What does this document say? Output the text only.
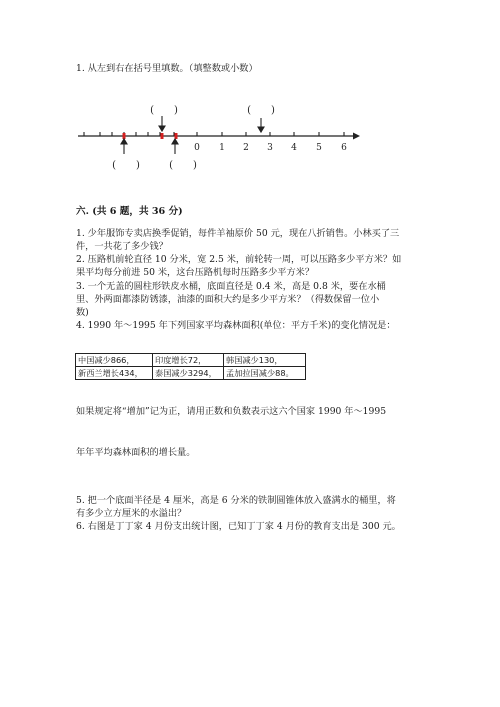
1. 从左到右在括号里填数。（填整数或小数）
0 1 2 3 4 5 6
(　　)	(　　)
(　　)	(　　)
六. (共 6 题，共 36 分)
1. 少年服饰专卖店换季促销，每件羊袖原价 50 元，现在八折销售。小林买了三
件，一共花了多少钱？
2. 压路机前轮直径 10 分米，宽 2.5 米，前轮转一周，可以压路多少平方米？如
果平均每分前进 50 米，这台压路机每时压路多少平方米？
3. 一个无盖的圆柱形铁皮水桶，底面直径是 0.4 米，高是 0.8 米，要在水桶
里、外两面都漆防锈漆，油漆的面积大约是多少平方米？（得数保留一位小
数)
4. 1990 年～1995 年下列国家平均森林面积(单位：平方千米)的变化情况是：
中国减少866，	印度增长72，	韩国减少130，
新西兰增长434，	泰国减少3294，	孟加拉国减少88。
如果规定将“增加”记为正，请用正数和负数表示这六个国家 1990 年～1995
年年平均森林面积的增长量。
5. 把一个底面半径是 4 厘米，高是 6 分米的铁制圆锥体放入盛满水的桶里，将
有多少立方厘米的水溢出？
6. 右图是丁丁家 4 月份支出统计图，已知丁丁家 4 月份的教育支出是 300 元。
